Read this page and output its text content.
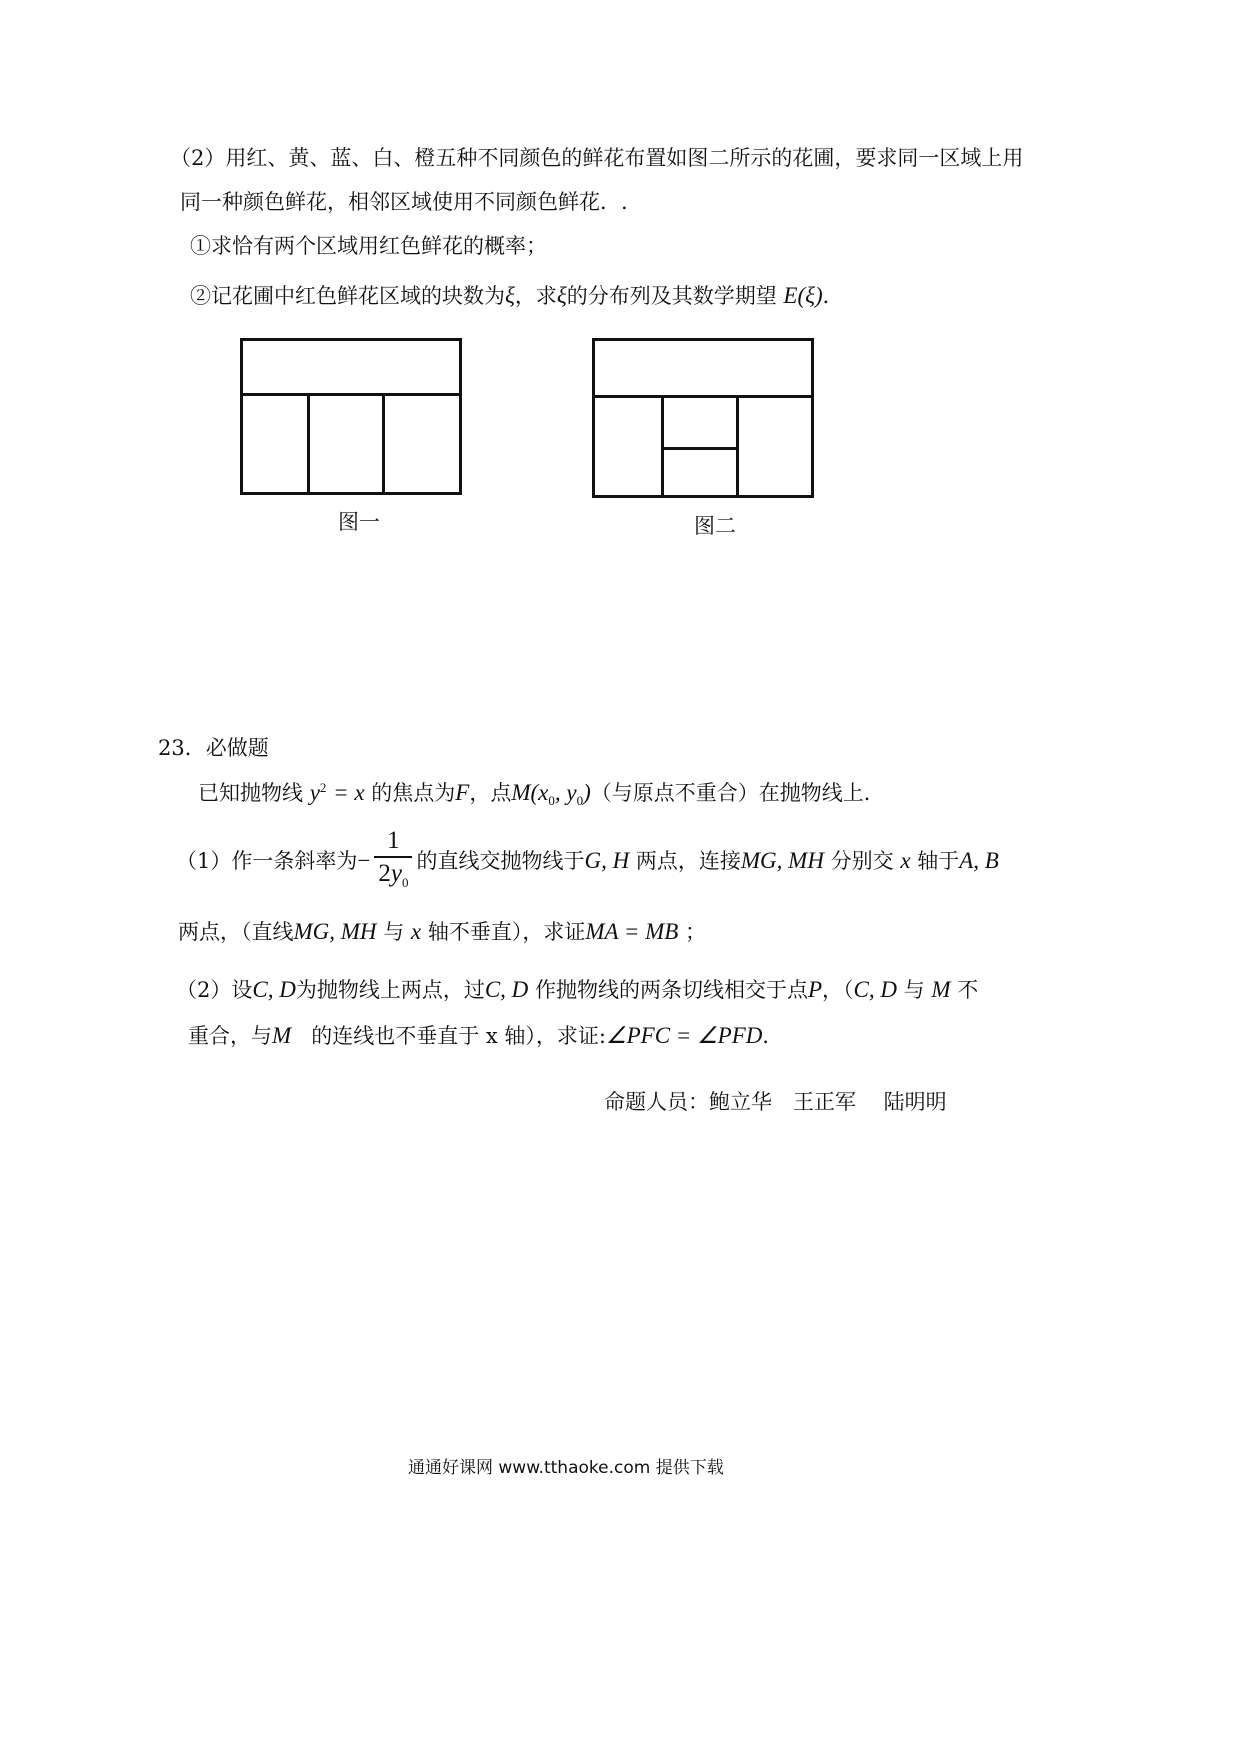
（2）用红、黄、蓝、白、橙五种不同颜色的鲜花布置如图二所示的花圃，要求同一区域上用
同一种颜色鲜花，相邻区域使用不同颜色鲜花．.
①求恰有两个区域用红色鲜花的概率；
②记花圃中红色鲜花区域的块数为ξ，求ξ的分布列及其数学期望 E(ξ)．
图一	图二
23．必做题
已知抛物线 $y^2 = x$ 的焦点为F，点$M(x_0$, $y_0$)（与原点不重合）在抛物线上．
（1）作一条斜率为− $\frac{1}{2y_0}$ 的直线交抛物线于G, H 两点，连接MG, MH 分别交 x 轴于A, B
两点，（直线MG, MH 与 x 轴不垂直），求证MA = MB ；
（2）设C, D为抛物线上两点，过C, D 作抛物线的两条切线相交于点P，（C, D 与 M 不
重合，与M 的连线也不垂直于 x 轴），求证:∠PFC = ∠PFD．
命题人员：鲍立华　王正军　 陆明明
通通好课网 www.tthaoke.com 提供下载
